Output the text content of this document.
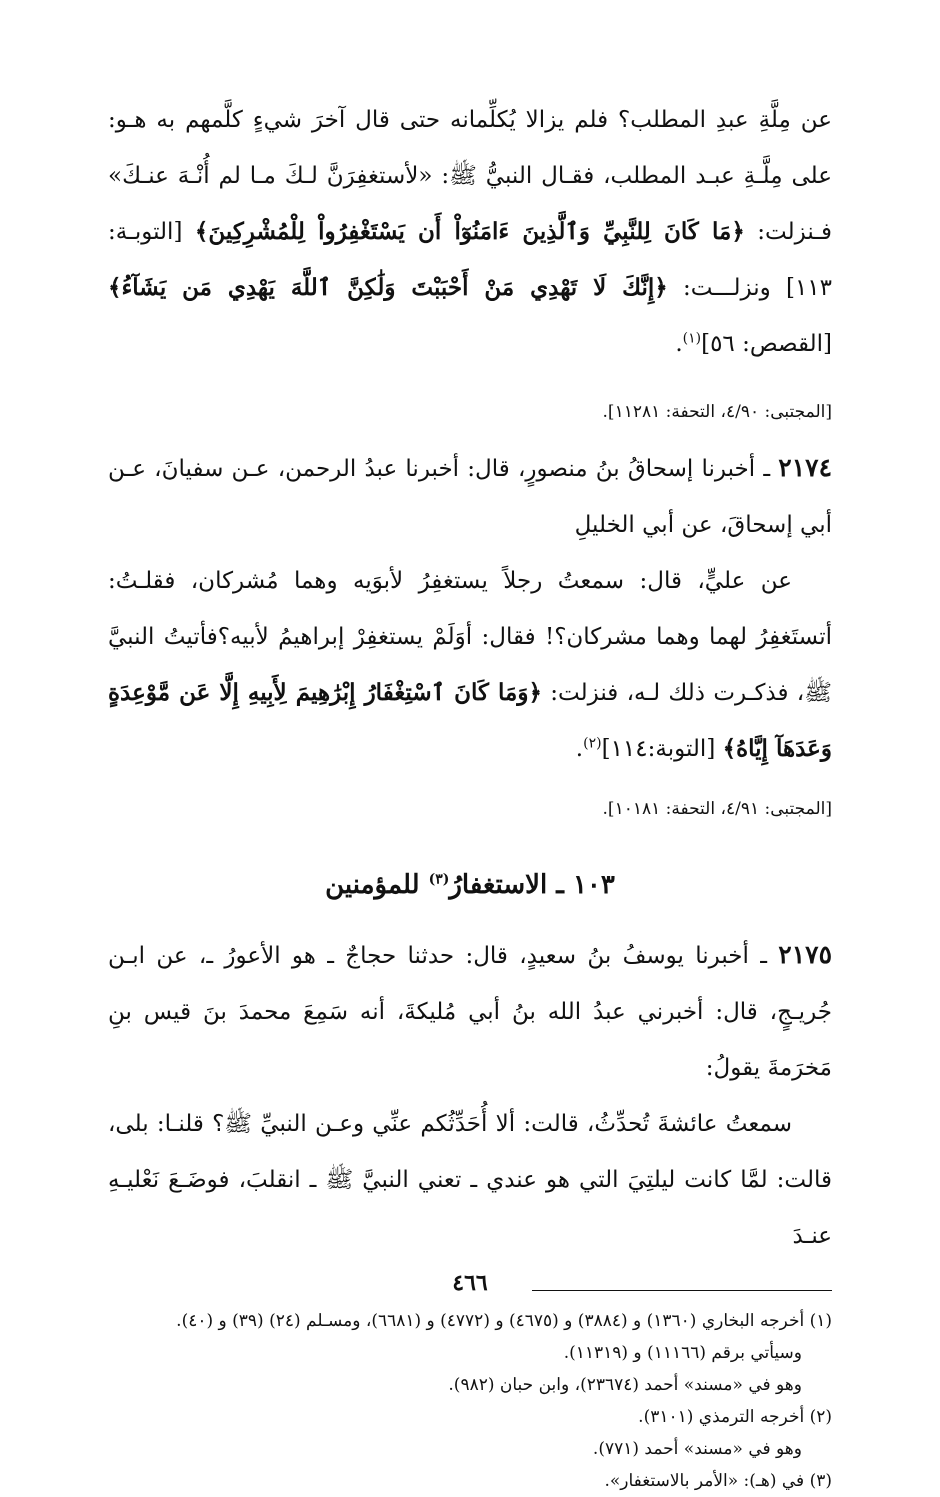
عن مِلَّةِ عبدِ المطلب؟ فلم يزالا يُكلِّمانه حتى قال آخرَ شيءٍ كلَّمهم به هـو: على مِلَّـةِ عبـد المطلب، فقـال النبيُّ ﷺ: «لأستغفِرَنَّ لـكَ مـا لم أُنْـهَ عنـكَ» فـنزلت: ﴿مَا كَانَ لِلنَّبِيِّ وَٱلَّذِينَ ءَامَنُوٓاْ أَن يَسْتَغْفِرُواْ لِلْمُشْرِكِينَ﴾ [التوبـة: ١١٣] ونزلـــت: ﴿إِنَّكَ لَا تَهْدِي مَنْ أَحْبَبْتَ وَلَٰكِنَّ ٱللَّهَ يَهْدِي مَن يَشَآءُ﴾ [القصص: ٥٦]$^{(١)}$.

[المجتبى: ٤/٩٠، التحفة: ١١٢٨١].

٢١٧٤ ـ أخبرنا إسحاقُ بنُ منصورٍ، قال: أخبرنا عبدُ الرحمن، عـن سفيانَ، عـن أبي إسحاقَ، عن أبي الخليلِ

عن عليٍّ، قال: سمعتُ رجلاً يستغفِرُ لأبوَيه وهما مُشركان، فقلـتُ: أتستَغفِرُ لهما وهما مشركان؟! فقال: أوَلَمْ يستغفِرْ إبراهيمُ لأبيه؟فأتيتُ النبيَّ ﷺ، فذكـرت ذلك لـه، فنزلت: ﴿وَمَا كَانَ ٱسْتِغْفَارُ إِبْرَٰهِيمَ لِأَبِيهِ إِلَّا عَن مَّوْعِدَةٍ وَعَدَهَآ إِيَّاهُ﴾ [التوبة:١١٤]$^{(٢)}$.

[المجتبى: ٤/٩١، التحفة: ١٠١٨١].

١٠٣ ـ الاستغفارُ$^{(٣)}$ للمؤمنين

٢١٧٥ ـ أخبرنا يوسفُ بنُ سعيدٍ، قال: حدثنا حجاجٌ ـ هو الأعورُ ـ، عن ابـن جُريـجٍ، قال: أخبرني عبدُ الله بنُ أبي مُليكةَ، أنه سَمِعَ محمدَ بنَ قيس بنِ مَخرَمةَ يقولُ:

سمعتُ عائشةَ تُحدِّثُ، قالت: ألا أُحَدِّثُكم عنِّي وعـن النبيِّ ﷺ؟ قلنـا: بلى، قالت: لمَّا كانت ليلتِيَ التي هو عندي ـ تعني النبيَّ ﷺ ـ انقلبَ، فوضَـعَ نَعْليـهِ عنـدَ

(١) أخرجه البخاري (١٣٦٠) و (٣٨٨٤) و (٤٦٧٥) و (٤٧٧٢) و (٦٦٨١)، ومسـلم (٢٤) (٣٩) و (٤٠).

وسيأتي برقم (١١١٦٦) و (١١٣١٩).

وهو في «مسند» أحمد (٢٣٦٧٤)، وابن حبان (٩٨٢).

(٢) أخرجه الترمذي (٣١٠١).

وهو في «مسند» أحمد (٧٧١).

(٣) في (هـ): «الأمر بالاستغفار».

٤٦٦
